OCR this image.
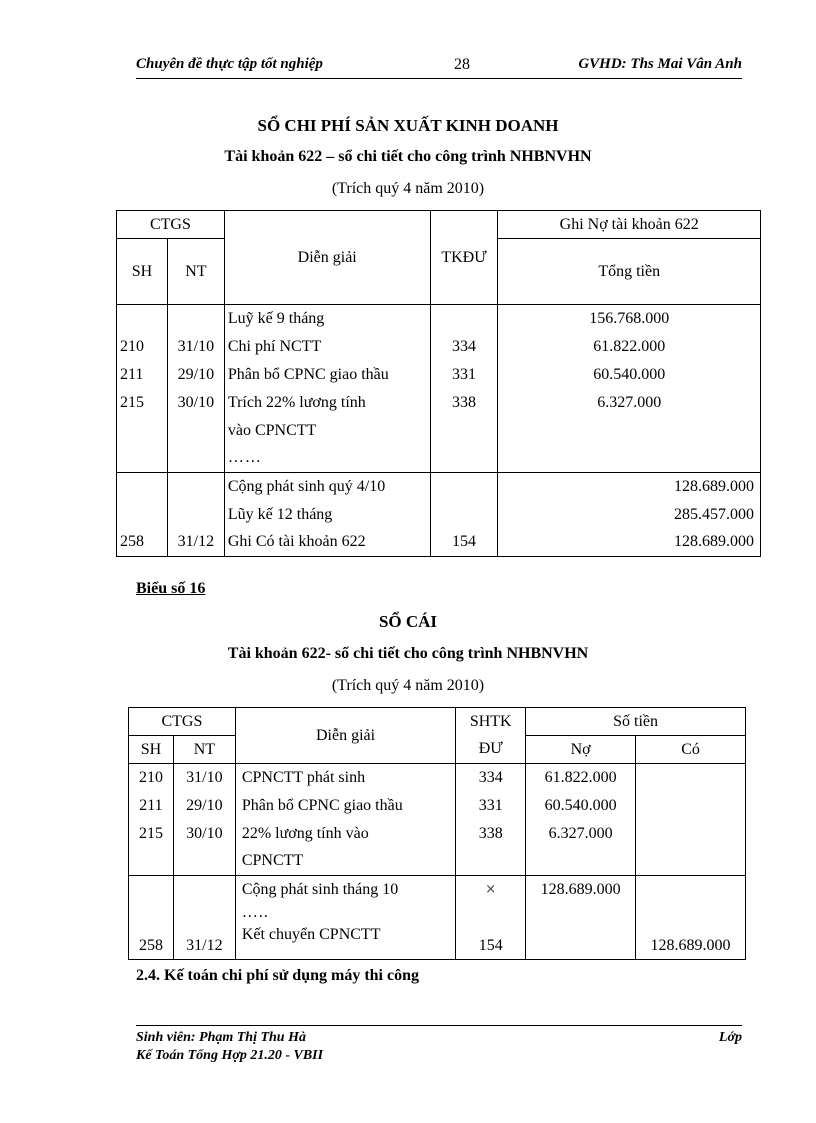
Chuyên đề thực tập tốt nghiệp	28	GVHD: Ths Mai Vân Anh
SỔ CHI PHÍ SẢN XUẤT KINH DOANH
Tài khoản 622 – sổ chi tiết cho công trình NHBNVHN
(Trích quý 4 năm 2010)
CTGS		Diễn giải	TKĐƯ	Ghi Nợ tài khoản 622
SH	NT			Tổng tiền
		Luỹ kế 9 tháng		156.768.000
210	31/10	Chi phí NCTT	334	61.822.000
211	29/10	Phân bổ CPNC giao thầu	331	60.540.000
215	30/10	Trích 22% lương tính	338	6.327.000
		vào CPNCTT		
		……		
		Cộng phát sinh quý 4/10		128.689.000
		Lũy kế 12 tháng		285.457.000
258	31/12	Ghi Có tài khoản 622	154	128.689.000
Biểu số 16
SỔ CÁI
Tài khoản 622- sổ chi tiết cho công trình NHBNVHN
(Trích quý 4 năm 2010)
CTGS		Diễn giải	SHTK	Số tiền	
SH	NT		ĐƯ	Nợ	Có
210	31/10	CPNCTT phát sinh	334	61.822.000	
211	29/10	Phân bổ CPNC giao thầu	331	60.540.000	
215	30/10	22% lương tính vào	338	6.327.000	
		CPNCTT			
		Cộng phát sinh tháng 10	×	128.689.000	
		…..			
258	31/12	Kết chuyển CPNCTT	154		128.689.000
2.4. Kế toán chi phí sử dụng máy thi công
Sinh viên: Phạm Thị Thu Hà
Kế Toán Tổng Hợp 21.20 - VBII
Lớp
